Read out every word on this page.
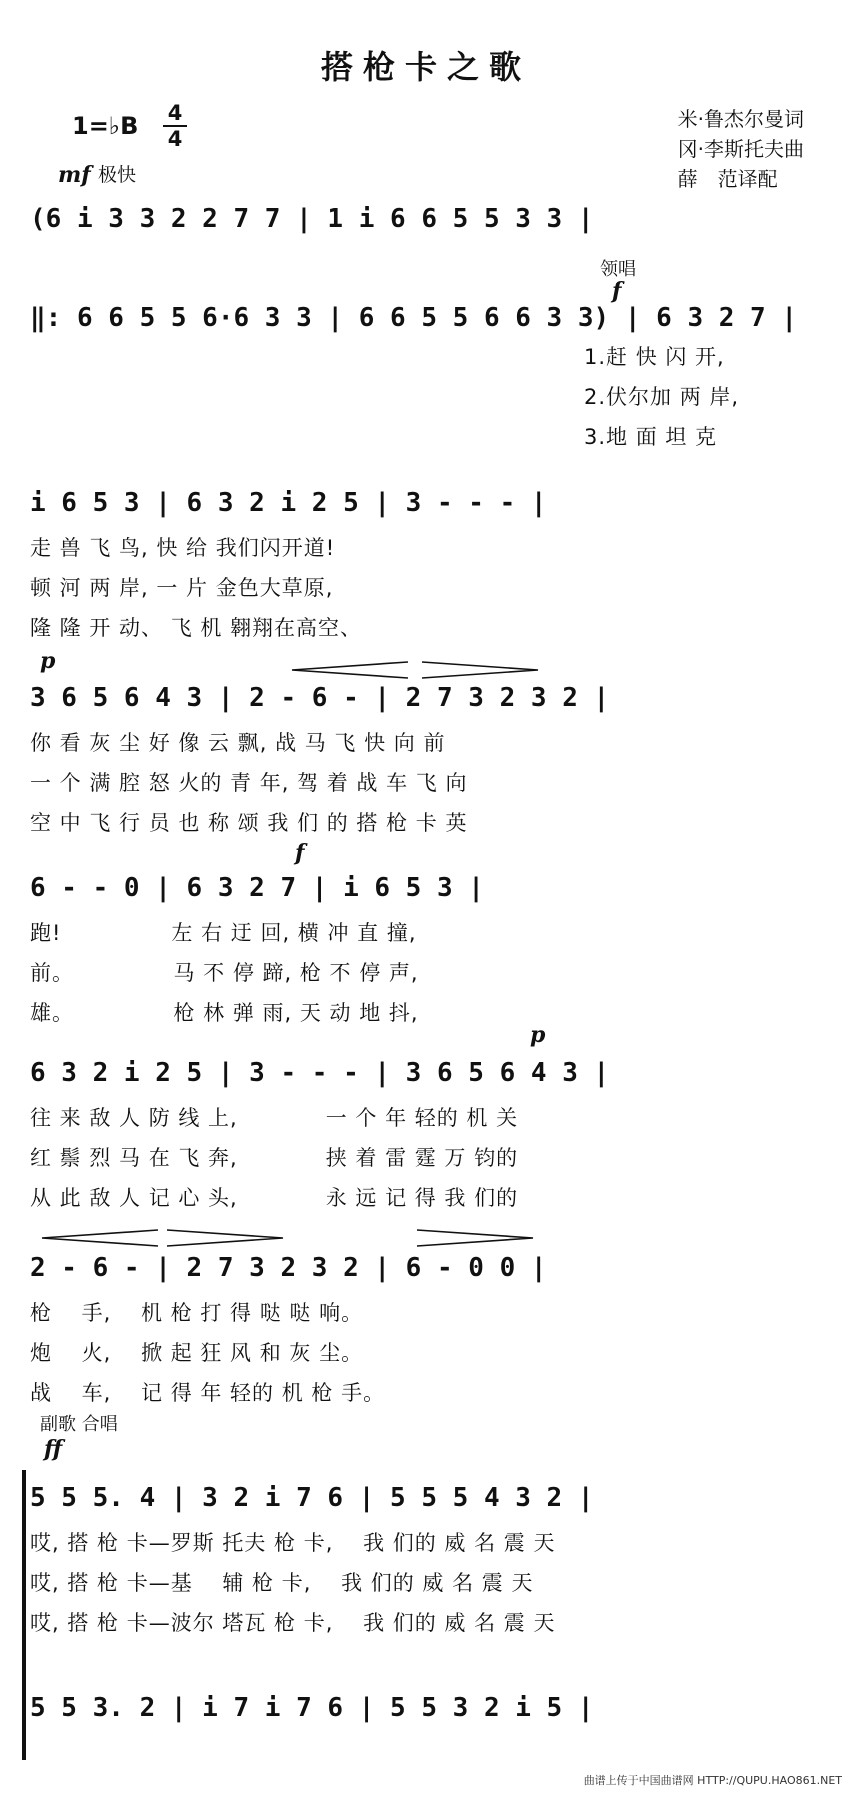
搭枪卡之歌
1=♭B 4
4
米·鲁杰尔曼词
冈·李斯托夫曲
薛　范译配
mf 极快
(6 i 3 3 2 2 7 7 | 1 i 6 6 5 5 3 3 |
领唱
f
‖: 6 6 5 5 6·6 3 3 | 6 6 5 5 6 6 3 3) | 6 3 2 7 |
1.赶 快 闪 开,
2.伏尔加 两 岸,
3.地 面 坦 克
i 6 5 3 | 6 3 2 i 2 5 | 3 - - - |
走 兽 飞 鸟, 快 给 我们闪开道!
顿 河 两 岸, 一 片 金色大草原,
隆 隆 开 动、 飞 机 翱翔在高空、
p
3 6 5 6 4 3 | 2 - 6 - | 2 7 3 2 3 2 |
你 看 灰 尘 好 像 云 飘, 战 马 飞 快 向 前
一 个 满 腔 怒 火的 青 年, 驾 着 战 车 飞 向
空 中 飞 行 员 也 称 颂 我 们 的 搭 枪 卡 英
f
6 - - 0 | 6 3 2 7 | i 6 5 3 |
跑!　　　　　左 右 迂 回, 横 冲 直 撞,
前。　　　　　马 不 停 蹄, 枪 不 停 声,
雄。　　　　　枪 林 弹 雨, 天 动 地 抖,
p
6 3 2 i 2 5 | 3 - - - | 3 6 5 6 4 3 |
往 来 敌 人 防 线 上,　　　　一 个 年 轻的 机 关
红 鬃 烈 马 在 飞 奔,　　　　挟 着 雷 霆 万 钧的
从 此 敌 人 记 心 头,　　　　永 远 记 得 我 们的
2 - 6 - | 2 7 3 2 3 2 | 6 - 0 0 |
枪　 手,　 机 枪 打 得 哒 哒 响。
炮　 火,　 掀 起 狂 风 和 灰 尘。
战　 车,　 记 得 年 轻的 机 枪 手。
副歌 合唱
ff
5 5 5. 4 | 3 2 i 7 6 | 5 5 5 4 3 2 |
哎, 搭 枪 卡—罗斯 托夫 枪 卡,　 我 们的 威 名 震 天
哎, 搭 枪 卡—基　 辅 枪 卡,　 我 们的 威 名 震 天
哎, 搭 枪 卡—波尔 塔瓦 枪 卡,　 我 们的 威 名 震 天
5 5 3. 2 | i 7 i 7 6 | 5 5 3 2 i 5 |
曲谱上传于中国曲谱网 HTTP://QUPU.HAO861.NET
